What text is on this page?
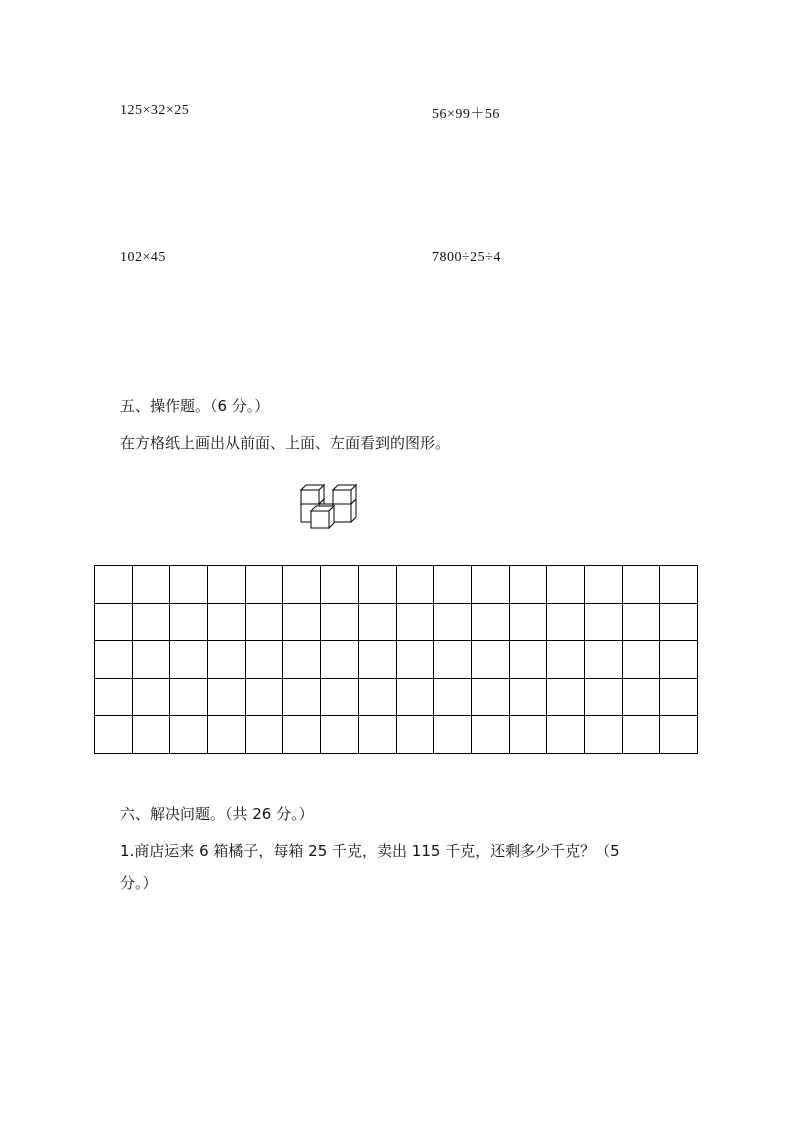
125×32×25	56×99＋56
102×45	7800÷25÷4
五、操作题。（6 分。）
在方格纸上画出从前面、上面、左面看到的图形。

六、解决问题。（共 26 分。）
1.商店运来 6 箱橘子，每箱 25 千克，卖出 115 千克，还剩多少千克？（5
分。）
